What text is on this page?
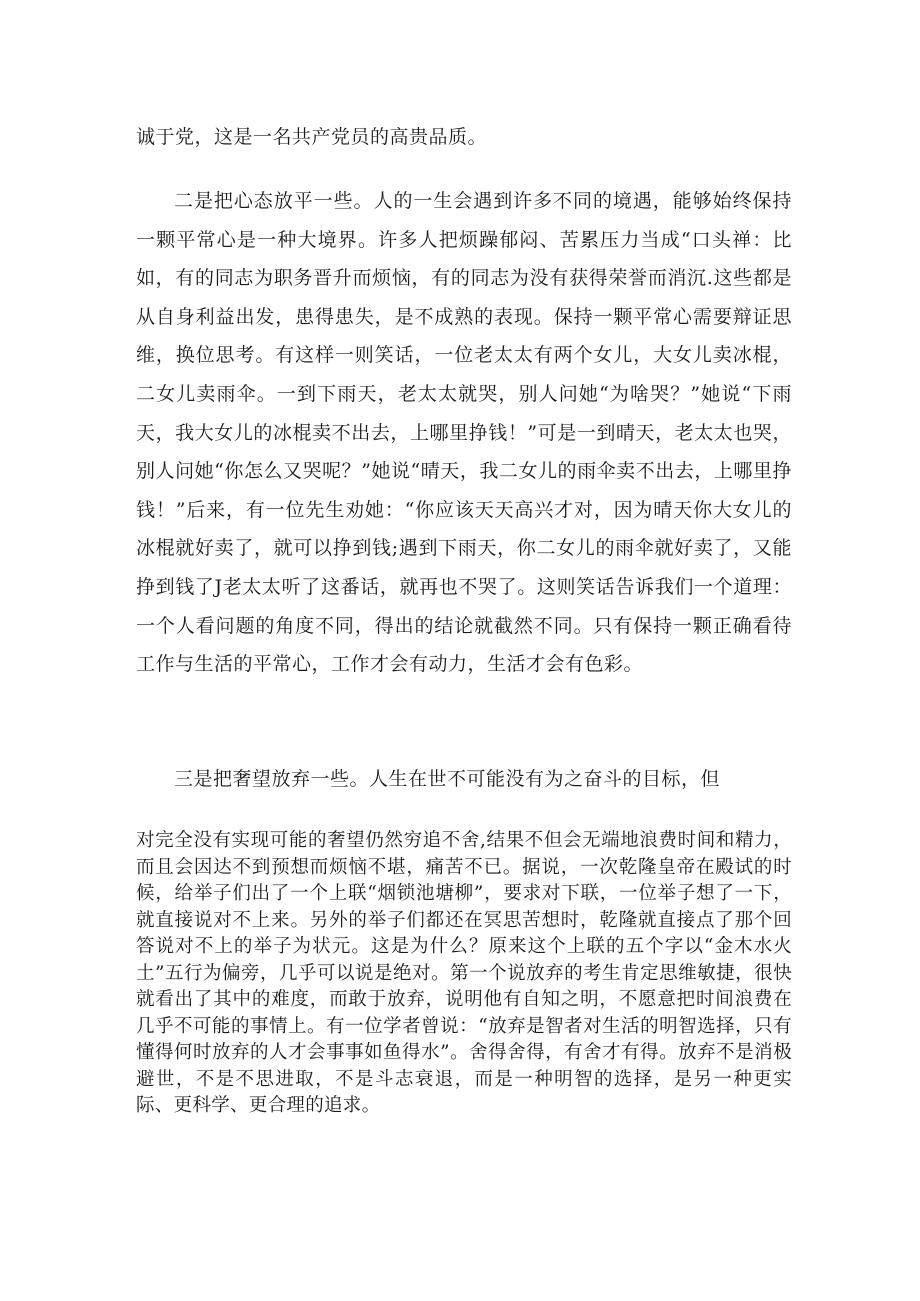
诚于党，这是一名共产党员的高贵品质。

二是把心态放平一些。人的一生会遇到许多不同的境遇，能够始终保持一颗平常心是一种大境界。许多人把烦躁郁闷、苦累压力当成“口头禅：比如，有的同志为职务晋升而烦恼，有的同志为没有获得荣誉而消沉.这些都是从自身利益出发，患得患失，是不成熟的表现。保持一颗平常心需要辩证思维，换位思考。有这样一则笑话，一位老太太有两个女儿，大女儿卖冰棍，二女儿卖雨伞。一到下雨天，老太太就哭，别人问她“为啥哭？”她说“下雨天，我大女儿的冰棍卖不出去，上哪里挣钱！”可是一到晴天，老太太也哭，别人问她“你怎么又哭呢？”她说“晴天，我二女儿的雨伞卖不出去，上哪里挣钱！”后来，有一位先生劝她：“你应该天天高兴才对，因为晴天你大女儿的冰棍就好卖了，就可以挣到钱;遇到下雨天，你二女儿的雨伞就好卖了，又能挣到钱了J老太太听了这番话，就再也不哭了。这则笑话告诉我们一个道理：一个人看问题的角度不同，得出的结论就截然不同。只有保持一颗正确看待工作与生活的平常心，工作才会有动力，生活才会有色彩。

三是把奢望放弃一些。人生在世不可能没有为之奋斗的目标，但

对完全没有实现可能的奢望仍然穷追不舍,结果不但会无端地浪费时间和精力，而且会因达不到预想而烦恼不堪，痛苦不已。据说，一次乾隆皇帝在殿试的时候，给举子们出了一个上联“烟锁池塘柳”，要求对下联，一位举子想了一下，就直接说对不上来。另外的举子们都还在冥思苦想时，乾隆就直接点了那个回答说对不上的举子为状元。这是为什么？原来这个上联的五个字以“金木水火土”五行为偏旁，几乎可以说是绝对。第一个说放弃的考生肯定思维敏捷，很快就看出了其中的难度，而敢于放弃，说明他有自知之明，不愿意把时间浪费在几乎不可能的事情上。有一位学者曾说：“放弃是智者对生活的明智选择，只有懂得何时放弃的人才会事事如鱼得水”。舍得舍得，有舍才有得。放弃不是消极避世，不是不思进取，不是斗志衰退，而是一种明智的选择，是另一种更实际、更科学、更合理的追求。
